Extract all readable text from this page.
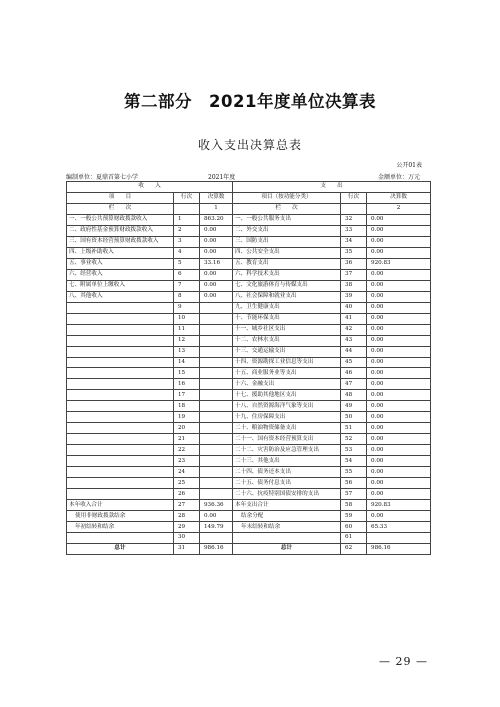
第二部分　2021年度单位决算表
收入支出决算总表
公开01表
编制单位：夏鼎首第七小学	2021年度	金额单位：万元
收　　入			支　　出		
项　　目	行次	决算数	项目（按功能分类）	行次	决算数
栏　　次		1	栏　　次		2
一、一般公共预算财政拨款收入	1	863.20	一、一般公共服务支出	32	0.00
二、政府性基金预算财政拨款收入	2	0.00	二、外交支出	33	0.00
三、国有资本经营预算财政拨款收入	3	0.00	三、国防支出	34	0.00
四、上级补助收入	4	0.00	四、公共安全支出	35	0.00
五、事业收入	5	33.16	五、教育支出	36	920.83
六、经营收入	6	0.00	六、科学技术支出	37	0.00
七、附属单位上缴收入	7	0.00	七、文化旅游体育与传媒支出	38	0.00
八、其他收入	8	0.00	八、社会保障和就业支出	39	0.00
	9		九、卫生健康支出	40	0.00
	10		十、节能环保支出	41	0.00
	11		十一、城乡社区支出	42	0.00
	12		十二、农林水支出	43	0.00
	13		十三、交通运输支出	44	0.00
	14		十四、资源勘探工业信息等支出	45	0.00
	15		十五、商业服务业等支出	46	0.00
	16		十六、金融支出	47	0.00
	17		十七、援助其他地区支出	48	0.00
	18		十八、自然资源海洋气象等支出	49	0.00
	19		十九、住房保障支出	50	0.00
	20		二十、粮油物资储备支出	51	0.00
	21		二十一、国有资本经营预算支出	52	0.00
	22		二十二、灾害防治及应急管理支出	53	0.00
	23		二十三、其他支出	54	0.00
	24		二十四、债务还本支出	55	0.00
	25		二十五、债务付息支出	56	0.00
	26		二十六、抗疫特别国债安排的支出	57	0.00
本年收入合计	27	936.36	本年支出合计	58	920.83
使用非财政拨款结余	28	0.00	结余分配	59	0.00
年初结转和结余	29	149.79	年末结转和结余	60	65.33
	30			61	
总计	31	986.16	总计	62	986.16
— 29 —
